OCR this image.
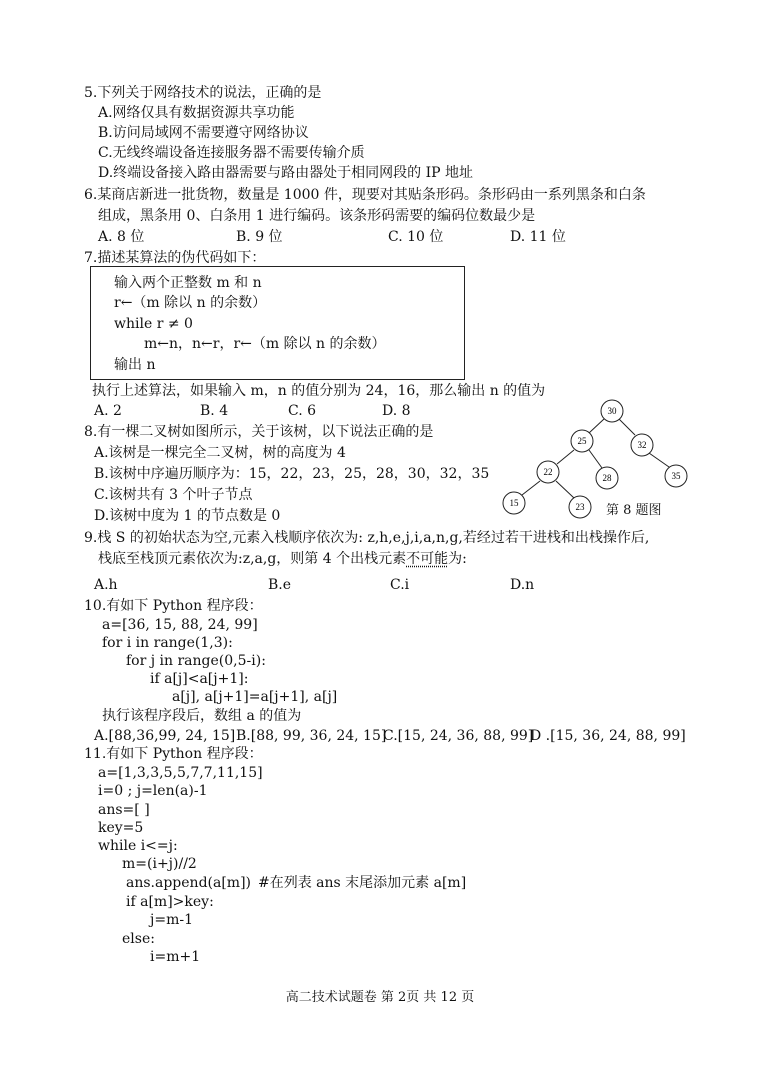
5.下列关于网络技术的说法，正确的是
A.网络仅具有数据资源共享功能
B.访问局域网不需要遵守网络协议
C.无线终端设备连接服务器不需要传输介质
D.终端设备接入路由器需要与路由器处于相同网段的 IP 地址
6.某商店新进一批货物，数量是 1000 件，现要对其贴条形码。条形码由一系列黑条和白条
组成，黑条用 0、白条用 1 进行编码。该条形码需要的编码位数最少是
A. 8 位	B. 9 位	C. 10 位	D. 11 位
7.描述某算法的伪代码如下：
输入两个正整数 m 和 n
r←（m 除以 n 的余数）
while r ≠ 0
m←n，n←r，r←（m 除以 n 的余数）
输出 n
执行上述算法，如果输入 m，n 的值分别为 24，16，那么输出 n 的值为
A. 2	B. 4	C. 6	D. 8
8.有一棵二叉树如图所示，关于该树，以下说法正确的是
A.该树是一棵完全二叉树，树的高度为 4
B.该树中序遍历顺序为：15，22，23，25，28，30，32，35
C.该树共有 3 个叶子节点
D.该树中度为 1 的节点数是 0
30
25	32
22
28	35
15	23 第 8 题图
9.栈 S 的初始状态为空,元素入栈顺序依次为: z,h,e,j,i,a,n,g,若经过若干进栈和出栈操作后,
栈底至栈顶元素依次为:z,a,g，则第 4 个出栈元素不可能为:
A.h	B.e	C.i	D.n
10.有如下 Python 程序段：
a=[36, 15, 88, 24, 99]
for i in range(1,3):
for j in range(0,5-i):
if a[j]<a[j+1]:
a[j], a[j+1]=a[j+1], a[j]
执行该程序段后，数组 a 的值为
A.[88,36,99, 24, 15] B.[88, 99, 36, 24, 15]
C.[15, 24, 36, 88, 99]
D .[15, 36, 24, 88, 99]
11.有如下 Python 程序段：
a=[1,3,3,5,5,7,7,11,15]
i=0 ; j=len(a)-1
ans=[ ]
key=5
while i<=j:
m=(i+j)//2
ans.append(a[m]) #在列表 ans 末尾添加元素 a[m]
if a[m]>key:
j=m-1
else:
i=m+1
高二技术试题卷 第 2页 共 12 页
